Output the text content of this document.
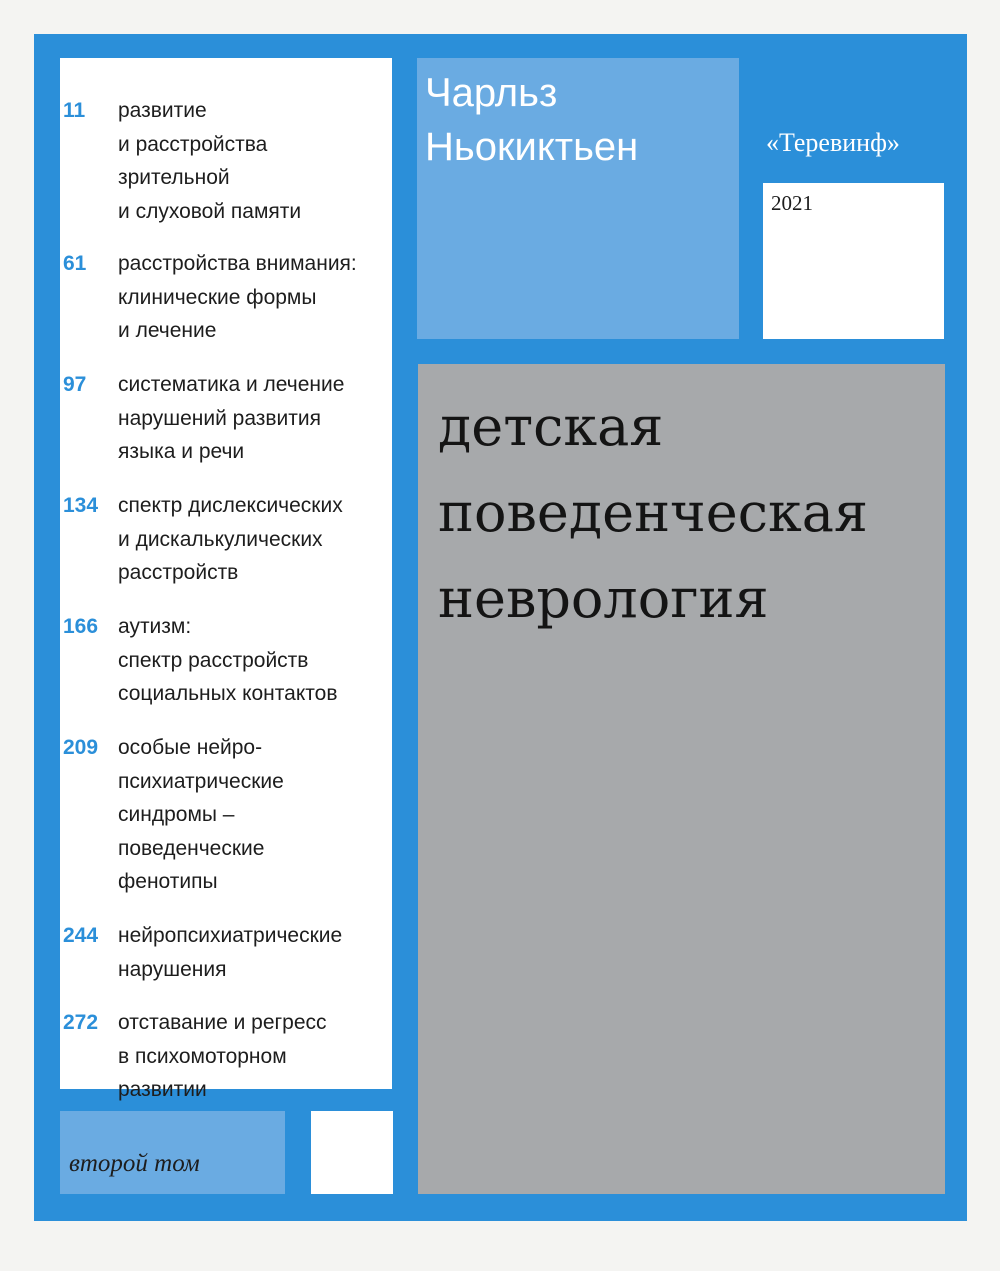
11 развитие
и расстройства
зрительной
и слуховой памяти
61 расстройства внимания:
клинические формы
и лечение
97 систематика и лечение
нарушений развития
языка и речи
134 спектр дислексических
и дискалькулических
расстройств
166 аутизм:
спектр расстройств
социальных контактов
209 особые нейро-
психиатрические
синдромы –
поведенческие
фенотипы
244 нейропсихиатрические
нарушения
272 отставание и регресс
в психомоторном
развитии
Чарльз
Ньокиктьен	«Теревинф»
2021
детская
поведенческая
неврология
второй том
